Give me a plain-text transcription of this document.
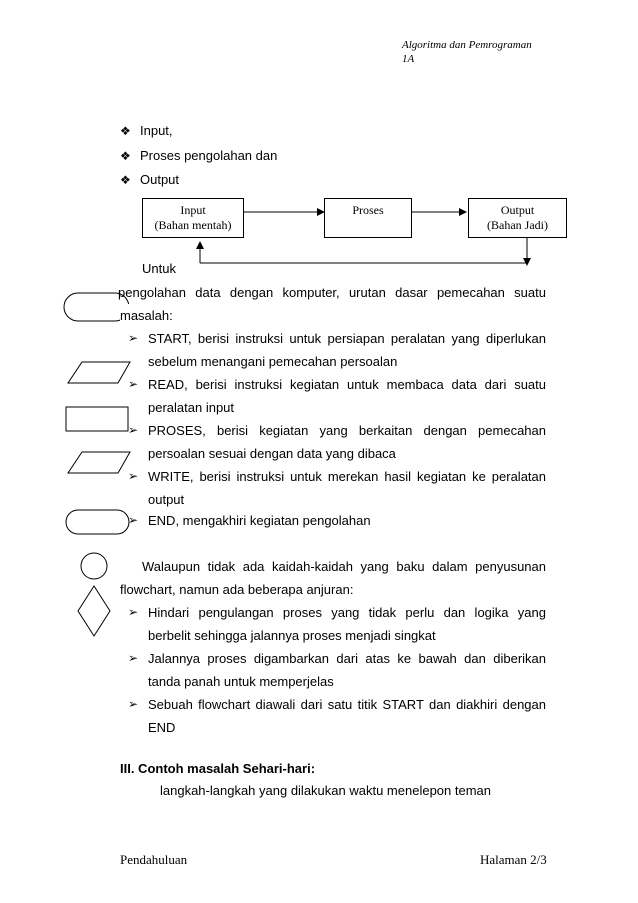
Algoritma dan Pemrograman
1A
❖ Input,
❖ Proses pengolahan dan
❖ Output
Input
(Bahan mentah)
Proses	Output
(Bahan Jadi)
Untuk
pengolahan data dengan komputer, urutan dasar pemecahan suatu
masalah:
➢ START, berisi instruksi untuk persiapan peralatan yang diperlukan
sebelum menangani pemecahan persoalan
➢ READ, berisi instruksi kegiatan untuk membaca data dari suatu
peralatan input
➢ PROSES, berisi kegiatan yang berkaitan dengan pemecahan
persoalan sesuai dengan data yang dibaca
➢ WRITE, berisi instruksi untuk merekan hasil kegiatan ke peralatan
output
➢ END, mengakhiri kegiatan pengolahan
Walaupun tidak ada kaidah-kaidah yang baku dalam penyusunan
flowchart, namun ada beberapa anjuran:
➢ Hindari pengulangan proses yang tidak perlu dan logika yang
berbelit sehingga jalannya proses menjadi singkat
➢ Jalannya proses digambarkan dari atas ke bawah dan diberikan
tanda panah untuk memperjelas
➢ Sebuah flowchart diawali dari satu titik START dan diakhiri dengan
END
III. Contoh masalah Sehari-hari:
langkah-langkah yang dilakukan waktu menelepon teman
Pendahuluan	Halaman 2/3
